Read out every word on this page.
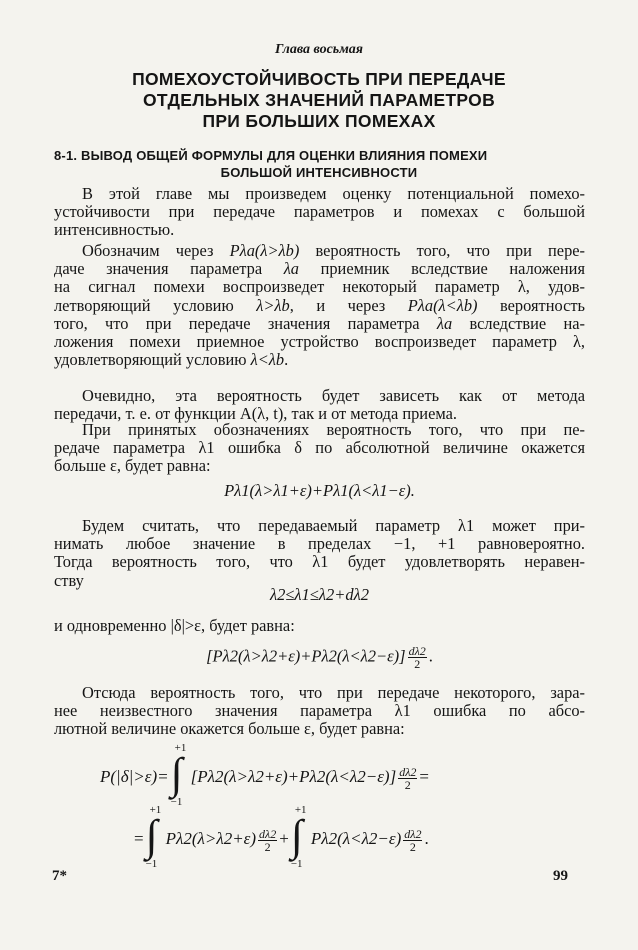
Глава восьмая
ПОМЕХОУСТОЙЧИВОСТЬ ПРИ ПЕРЕДАЧЕ
ОТДЕЛЬНЫХ ЗНАЧЕНИЙ ПАРАМЕТРОВ
ПРИ БОЛЬШИХ ПОМЕХАХ
8-1. ВЫВОД ОБЩЕЙ ФОРМУЛЫ ДЛЯ ОЦЕНКИ ВЛИЯНИЯ ПОМЕХИ
БОЛЬШОЙ ИНТЕНСИВНОСТИ
В этой главе мы произведем оценку потенциальной помехо-
устойчивости при передаче параметров и помехах с большой
интенсивностью.
Обозначим через Pλa(λ>λb) вероятность того, что при пере-
даче значения параметра λa приемник вследствие наложения
на сигнал помехи воспроизведет некоторый параметр λ, удов-
летворяющий условию λ>λb, и через Pλa(λ<λb) вероятность
того, что при передаче значения параметра λa вследствие на-
ложения помехи приемное устройство воспроизведет параметр λ,
удовлетворяющий условию λ<λb.
Очевидно, эта вероятность будет зависеть как от метода
передачи, т. е. от функции A(λ, t), так и от метода приема.
При принятых обозначениях вероятность того, что при пе-
редаче параметра λ1 ошибка δ по абсолютной величине окажется
больше ε, будет равна:
Pλ1(λ>λ1+ε)+Pλ1(λ<λ1−ε).
Будем считать, что передаваемый параметр λ1 может при-
нимать любое значение в пределах −1, +1 равновероятно.
Тогда вероятность того, что λ1 будет удовлетворять неравен-
ству
λ2≤λ1≤λ2+dλ2
и одновременно |δ|>ε, будет равна:
$[P\lambda 2(\lambda>\lambda 2+\varepsilon)+P\lambda 2(\lambda<\lambda 2-\varepsilon)] \frac{d\lambda 2}{2}$ .
Отсюда вероятность того, что при передаче некоторого, зара-
нее неизвестного значения параметра λ1 ошибка по абсо-
лютной величине окажется больше ε, будет равна:
P(|δ|>ε)=
+1
∫
−1
$[P\lambda 2(\lambda>\lambda 2+\varepsilon)+P\lambda 2(\lambda<\lambda 2-\varepsilon)] \frac{d\lambda 2}{2}$ =
=
+1
∫
−1
$P\lambda 2(\lambda>\lambda 2+\varepsilon) \frac{d\lambda 2}{2}$ +
+1
∫
−1
$P\lambda 2(\lambda<\lambda 2-\varepsilon) \frac{d\lambda 2}{2}$ .
7*	99
